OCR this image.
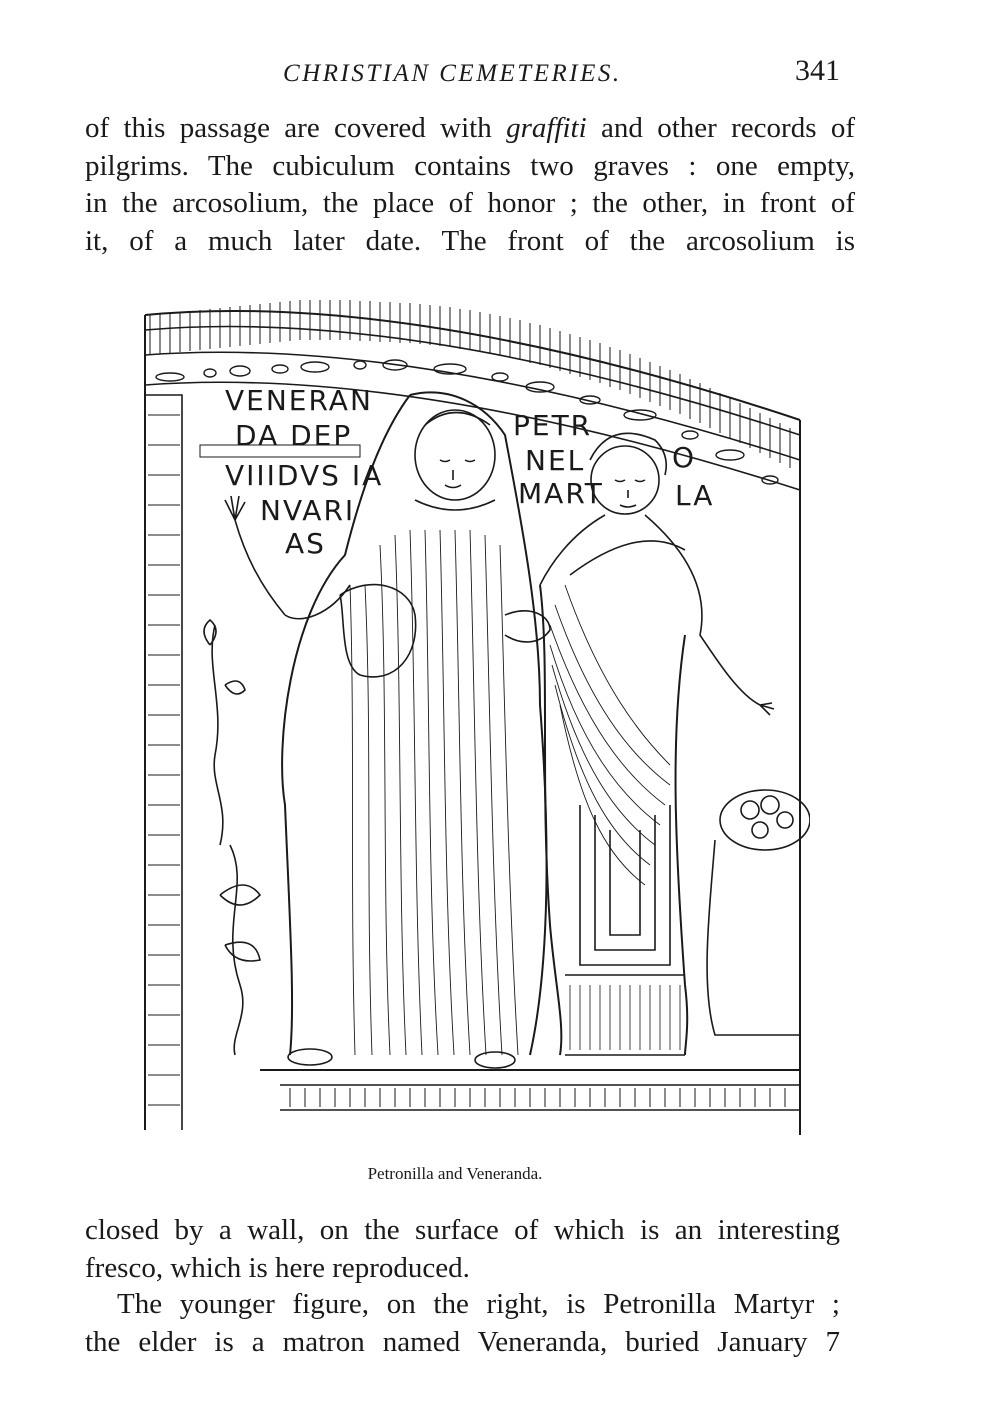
CHRISTIAN CEMETERIES.	341
of this passage are covered with graffiti and other records of
pilgrims. The cubiculum contains two graves : one empty,
in the arcosolium, the place of honor ; the other, in front of
it, of a much later date. The front of the arcosolium is
VENERAN
DA DEP
VIIIDVS IA
NVARI
AS
PETR
NEL
MART
O
LA
Petronilla and Veneranda.
closed by a wall, on the surface of which is an interesting
fresco, which is here reproduced.
The younger figure, on the right, is Petronilla Martyr ;
the elder is a matron named Veneranda, buried January 7
